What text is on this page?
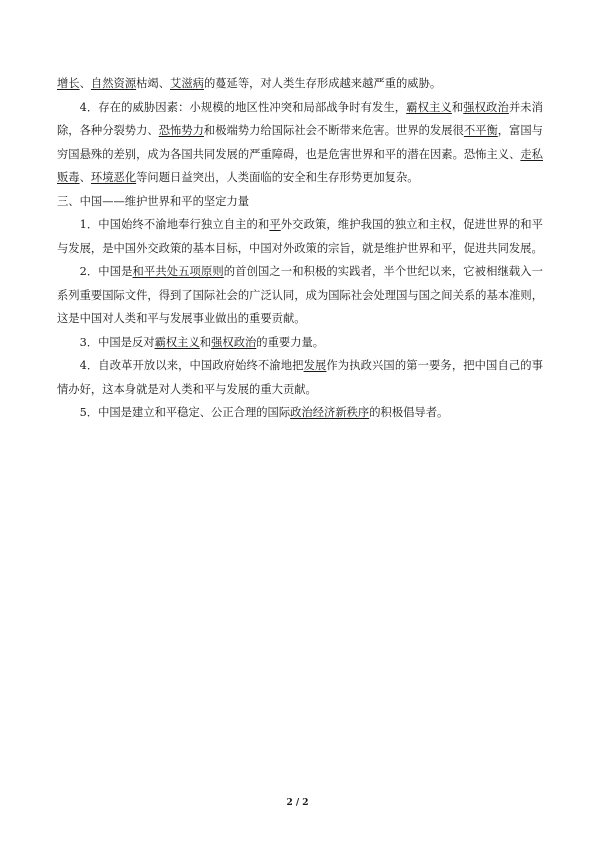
增长、自然资源枯竭、艾滋病的蔓延等，对人类生存形成越来越严重的威胁。

4．存在的威胁因素：小规模的地区性冲突和局部战争时有发生，霸权主义和强权政治并未消除，各种分裂势力、恐怖势力和极端势力给国际社会不断带来危害。世界的发展很不平衡，富国与穷国悬殊的差别，成为各国共同发展的严重障碍，也是危害世界和平的潜在因素。恐怖主义、走私贩毒、环境恶化等问题日益突出，人类面临的安全和生存形势更加复杂。

三、中国——维护世界和平的坚定力量

1．中国始终不渝地奉行独立自主的和平外交政策，维护我国的独立和主权，促进世界的和平与发展，是中国外交政策的基本目标，中国对外政策的宗旨，就是维护世界和平，促进共同发展。

2．中国是和平共处五项原则的首创国之一和积极的实践者，半个世纪以来，它被相继载入一系列重要国际文件，得到了国际社会的广泛认同，成为国际社会处理国与国之间关系的基本准则，这是中国对人类和平与发展事业做出的重要贡献。

3．中国是反对霸权主义和强权政治的重要力量。

4．自改革开放以来，中国政府始终不渝地把发展作为执政兴国的第一要务，把中国自己的事情办好，这本身就是对人类和平与发展的重大贡献。

5．中国是建立和平稳定、公正合理的国际政治经济新秩序的积极倡导者。

2 / 2
